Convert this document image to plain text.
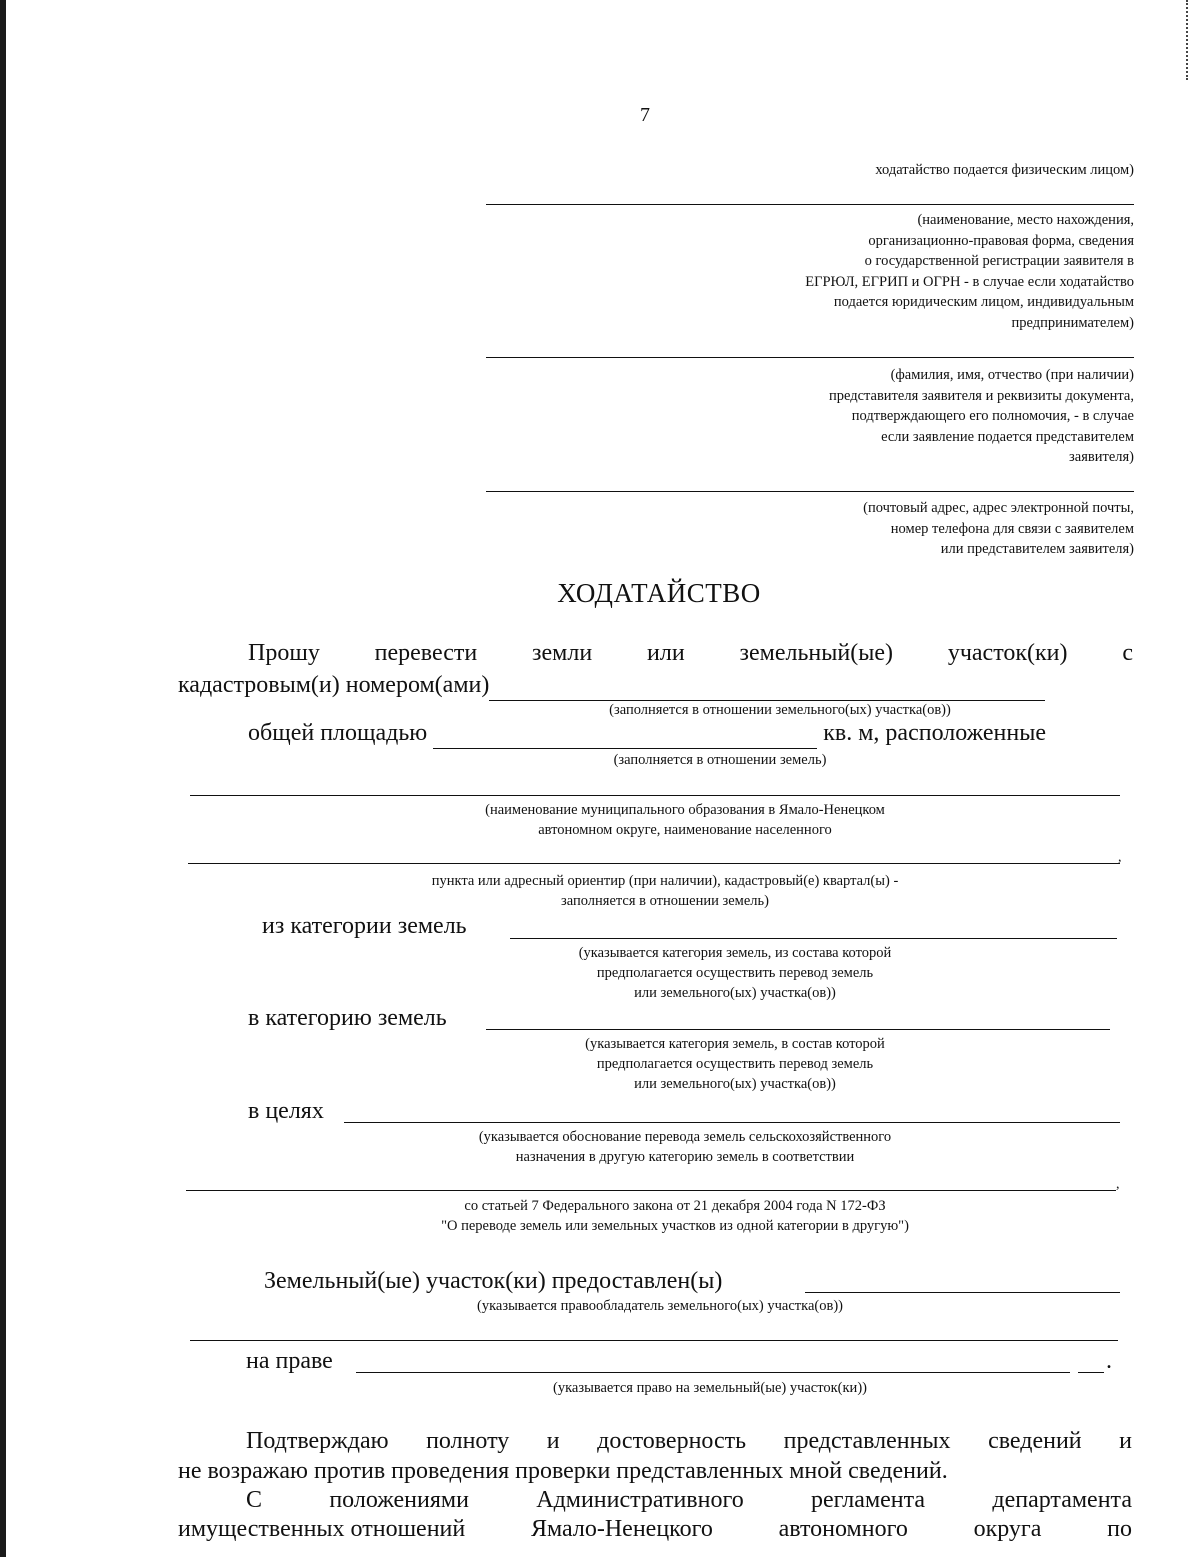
7
ходатайство подается физическим лицом)
(наименование, место нахождения,
организационно-правовая форма, сведения
о государственной регистрации заявителя в
ЕГРЮЛ, ЕГРИП и ОГРН - в случае если ходатайство
подается юридическим лицом, индивидуальным
предпринимателем)
(фамилия, имя, отчество (при наличии)
представителя заявителя и реквизиты документа,
подтверждающего его полномочия, - в случае
если заявление подается представителем
заявителя)
(почтовый адрес, адрес электронной почты,
номер телефона для связи с заявителем
или представителем заявителя)
ХОДАТАЙСТВО
Прошу перевести земли или земельный(ые) участок(ки) с
кадастровым(и) номером(ами)
(заполняется в отношении земельного(ых) участка(ов))
общей площадью	кв. м, расположенные
(заполняется в отношении земель)
(наименование муниципального образования в Ямало-Ненецком
автономном округе, наименование населенного
,
пункта или адресный ориентир (при наличии), кадастровый(е) квартал(ы) -
заполняется в отношении земель)
из категории земель
(указывается категория земель, из состава которой
предполагается осуществить перевод земель
или земельного(ых) участка(ов))
в категорию земель
(указывается категория земель, в состав которой
предполагается осуществить перевод земель
или земельного(ых) участка(ов))
в целях
(указывается обоснование перевода земель сельскохозяйственного
назначения в другую категорию земель в соответствии
,
со статьей 7 Федерального закона от 21 декабря 2004 года N 172-ФЗ
"О переводе земель или земельных участков из одной категории в другую")
Земельный(ые) участок(ки) предоставлен(ы)
(указывается правообладатель земельного(ых) участка(ов))
на праве	.
(указывается право на земельный(ые) участок(ки))
Подтверждаю полноту и достоверность представленных сведений и
не возражаю против проведения проверки представленных мной сведений.
С	положениями	Административного	регламента	департамента
имущественных отношений	Ямало-Ненецкого	автономного	округа	по
